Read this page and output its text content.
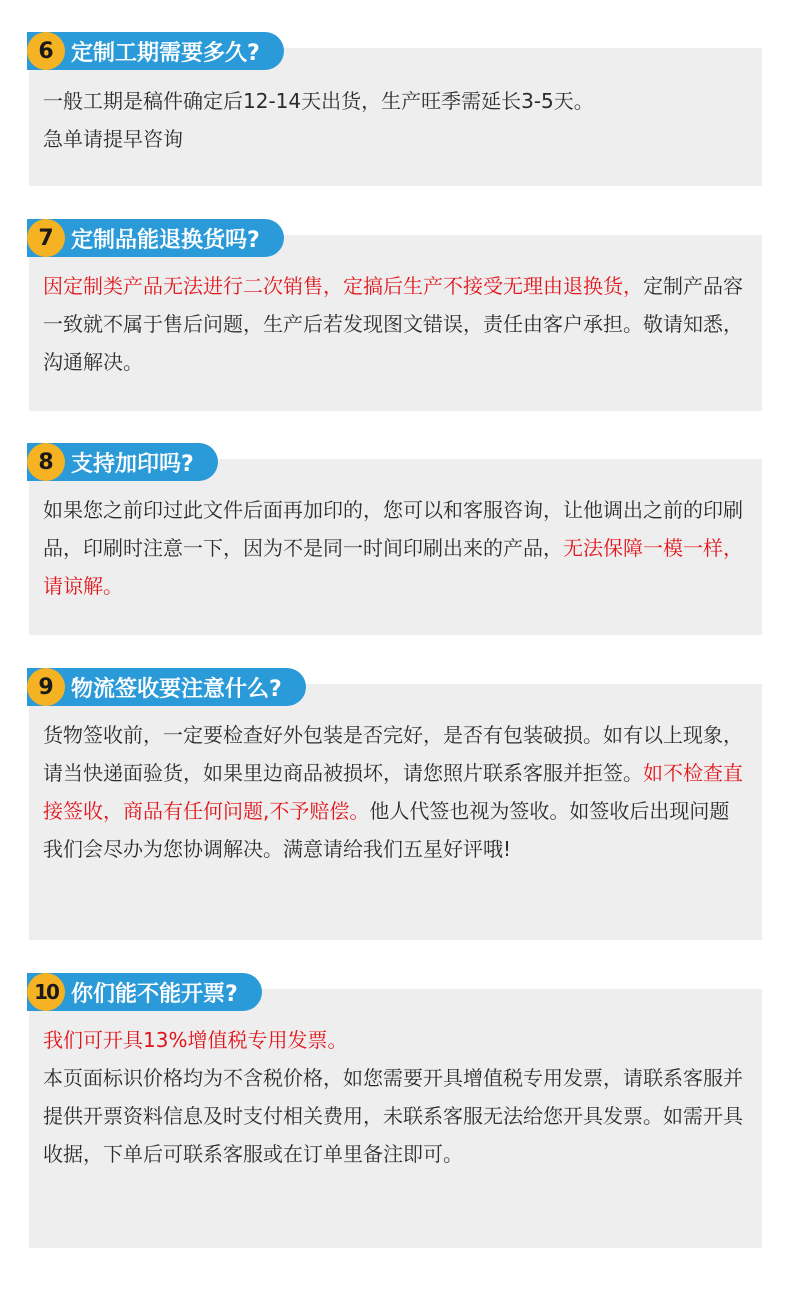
6 定制工期需要多久?

一般工期是稿件确定后12-14天出货，生产旺季需延长3-5天。
急单请提早咨询

7 定制品能退换货吗?

因定制类产品无法进行二次销售，定搞后生产不接受无理由退换货，定制产品容一致就不属于售后问题，生产后若发现图文错误，责任由客户承担。敬请知悉，沟通解决。

8 支持加印吗?

如果您之前印过此文件后面再加印的，您可以和客服咨询，让他调出之前的印刷品，印刷时注意一下，因为不是同一时间印刷出来的产品，无法保障一模一样，请谅解。

9 物流签收要注意什么?

货物签收前，一定要检查好外包装是否完好，是否有包装破损。如有以上现象，请当快递面验货，如果里边商品被损坏，请您照片联系客服并拒签。如不检查直接签收，商品有任何问题,不予赔偿。他人代签也视为签收。如签收后出现问题我们会尽办为您协调解决。满意请给我们五星好评哦!

10 你们能不能开票?

我们可开具13%增值税专用发票。
本页面标识价格均为不含税价格，如您需要开具增值税专用发票，请联系客服并提供开票资料信息及时支付相关费用，未联系客服无法给您开具发票。如需开具收据，下单后可联系客服或在订单里备注即可。
